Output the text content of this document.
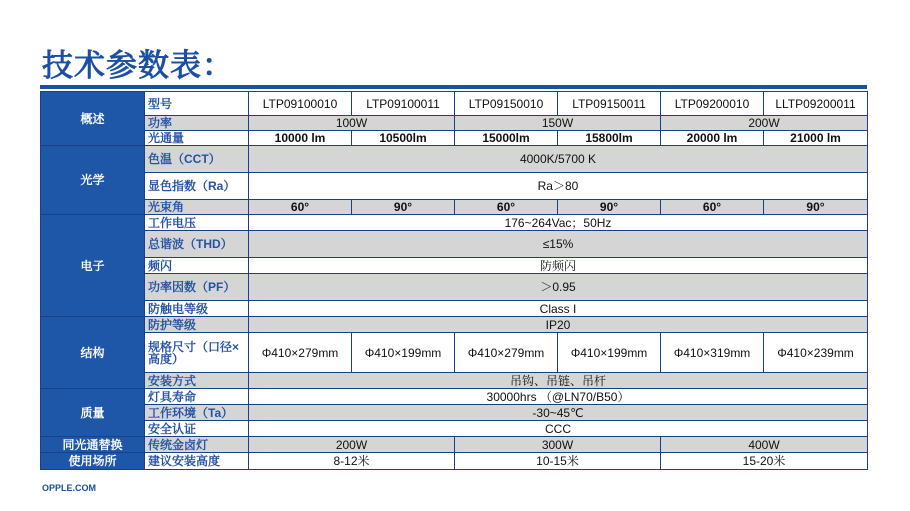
技术参数表：
概述	型号	LTP09100010	LTP09100011	LTP09150010	LTP09150011	LTP09200010	LLTP09200011
	功率	100W		150W		200W	
	光通量	10000 lm	10500lm	15000lm	15800lm	20000 lm	21000 lm
光学	色温（CCT）	4000K/5700 K					
	显色指数（Ra）	Ra＞80					
	光束角	60°	90°	60°	90°	60°	90°
电子	工作电压	176~264Vac；50Hz					
	总谐波（THD）	≤15%					
	频闪	防频闪					
	功率因数（PF）	＞0.95					
	防触电等级	Class I					
结构	防护等级	IP20					
	规格尺寸（口径×高度）	Φ410×279mm	Φ410×199mm	Φ410×279mm	Φ410×199mm	Φ410×319mm	Φ410×239mm
	安装方式	吊钩、吊链、吊杆					
质量	灯具寿命	30000hrs （@LN70/B50）					
	工作环境（Ta）	-30~45℃					
	安全认证	CCC					
同光通替换	传统金卤灯	200W		300W		400W	
使用场所	建议安装高度	8-12米		10-15米		15-20米	
OPPLE.COM
